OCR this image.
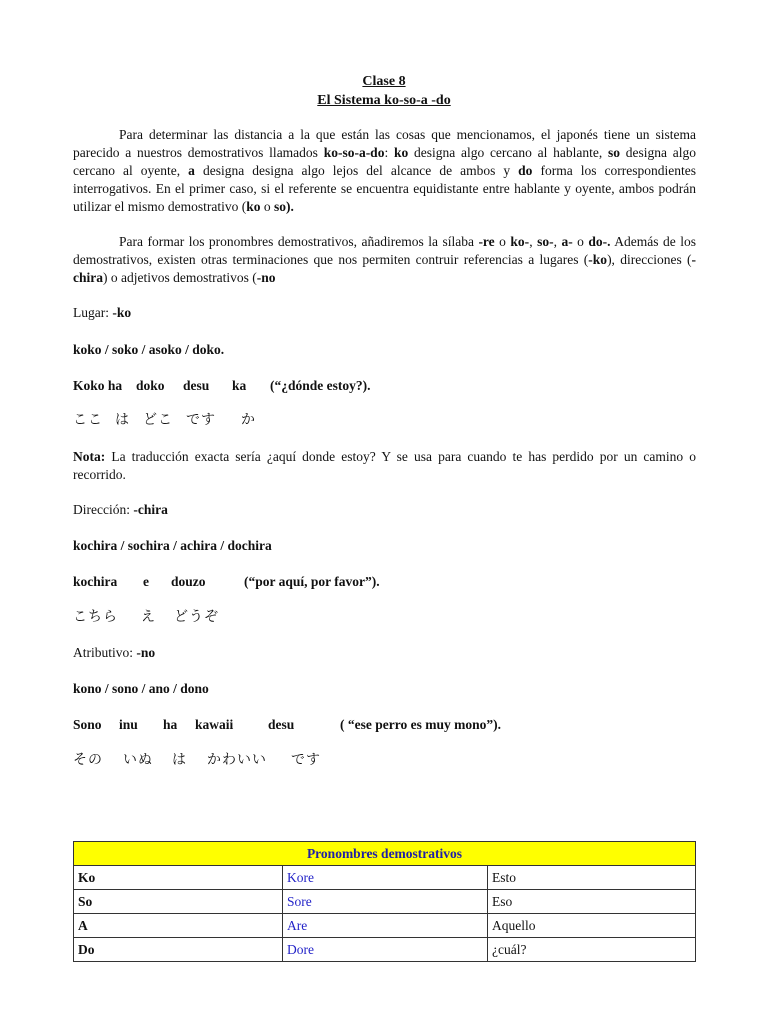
Clase 8
El Sistema ko-so-a -do
Para determinar las distancia a la que están las cosas que mencionamos, el japonés tiene un sistema parecido a nuestros demostrativos llamados ko-so-a-do: ko designa algo cercano al hablante, so designa algo cercano al oyente, a designa designa algo lejos del alcance de ambos y do forma los correspondientes interrogativos. En el primer caso, si el referente se encuentra equidistante entre hablante y oyente, ambos podrán utilizar el mismo demostrativo (ko o so).
Para formar los pronombres demostrativos, añadiremos la sílaba -re o ko-, so-, a- o do-. Además de los demostrativos, existen otras terminaciones que nos permiten contruir referencias a lugares (-ko), direcciones (-chira) o adjetivos demostrativos (-no
Lugar: -ko
koko / soko / asoko / doko.
Koko ha doko desu ka (“¿dónde estoy?).
ここ は どこ です か
Nota: La traducción exacta sería ¿aquí donde estoy? Y se usa para cuando te has perdido por un camino o recorrido.
Dirección: -chira
kochira / sochira / achira / dochira
kochira e douzo	(“por aquí, por favor”).
こちら え どうぞ
Atributivo: -no
kono / sono / ano / dono
Sono inu ha kawaii	desu	( “ese perro es muy mono”).
その いぬ は かわいい です
Pronombres demostrativos		
Ko	Kore	Esto
So	Sore	Eso
A	Are	Aquello
Do	Dore	¿cuál?
